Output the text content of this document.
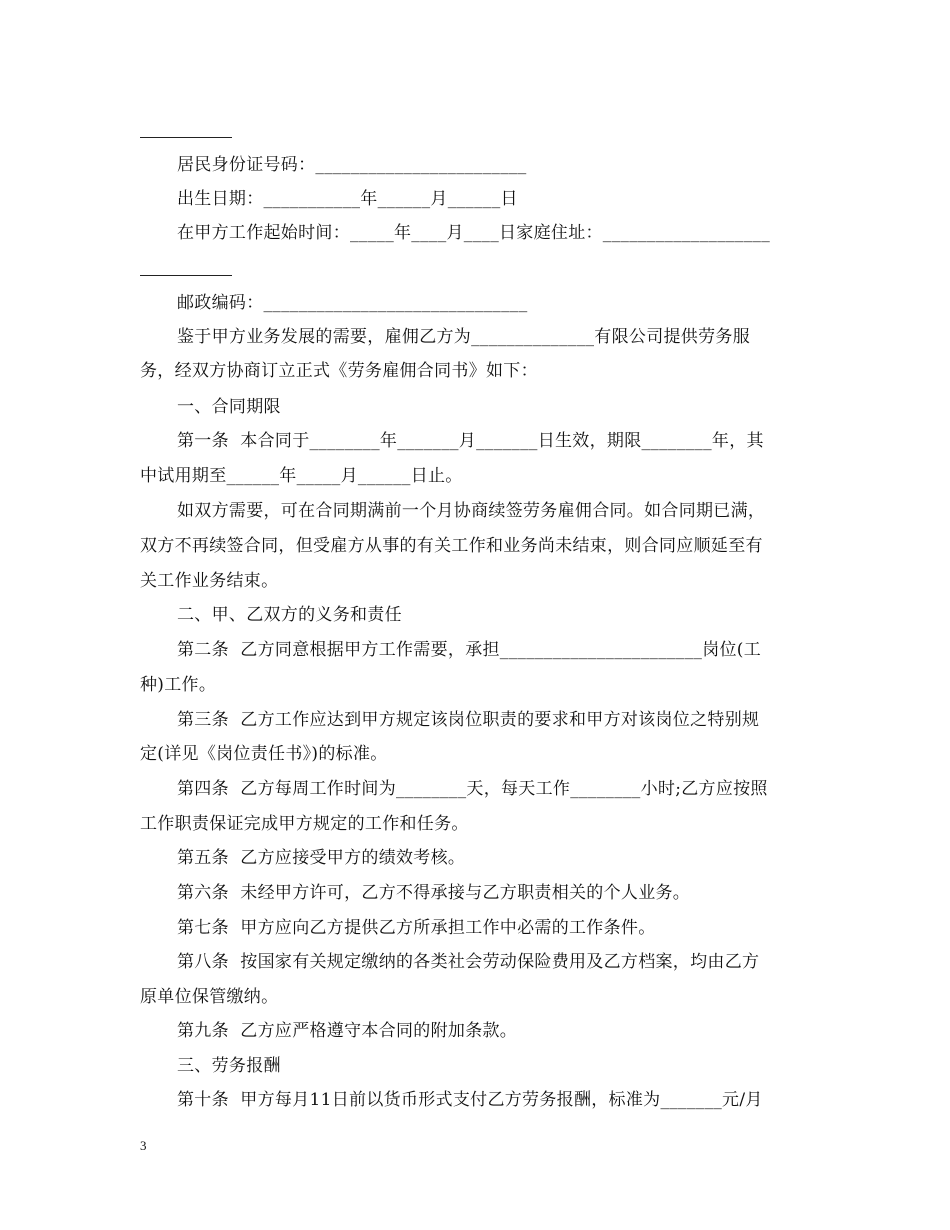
居民身份证号码：________________________
出生日期：___________年______月______日
在甲方工作起始时间：_____年____月____日家庭住址：___________________
邮政编码：______________________________
鉴于甲方业务发展的需要，雇佣乙方为______________有限公司提供劳务服
务，经双方协商订立正式《劳务雇佣合同书》如下：
一、合同期限
第一条  本合同于________年_______月_______日生效，期限________年，其
中试用期至______年_____月______日止。
如双方需要，可在合同期满前一个月协商续签劳务雇佣合同。如合同期已满，
双方不再续签合同，但受雇方从事的有关工作和业务尚未结束，则合同应顺延至有
关工作业务结束。
二、甲、乙双方的义务和责任
第二条  乙方同意根据甲方工作需要，承担_______________________岗位(工
种)工作。
第三条  乙方工作应达到甲方规定该岗位职责的要求和甲方对该岗位之特别规
定(详见《岗位责任书》)的标准。
第四条  乙方每周工作时间为________天，每天工作________小时;乙方应按照
工作职责保证完成甲方规定的工作和任务。
第五条  乙方应接受甲方的绩效考核。
第六条  未经甲方许可，乙方不得承接与乙方职责相关的个人业务。
第七条  甲方应向乙方提供乙方所承担工作中必需的工作条件。
第八条  按国家有关规定缴纳的各类社会劳动保险费用及乙方档案，均由乙方
原单位保管缴纳。
第九条  乙方应严格遵守本合同的附加条款。
三、劳务报酬
第十条  甲方每月11日前以货币形式支付乙方劳务报酬，标准为_______元/月
3
